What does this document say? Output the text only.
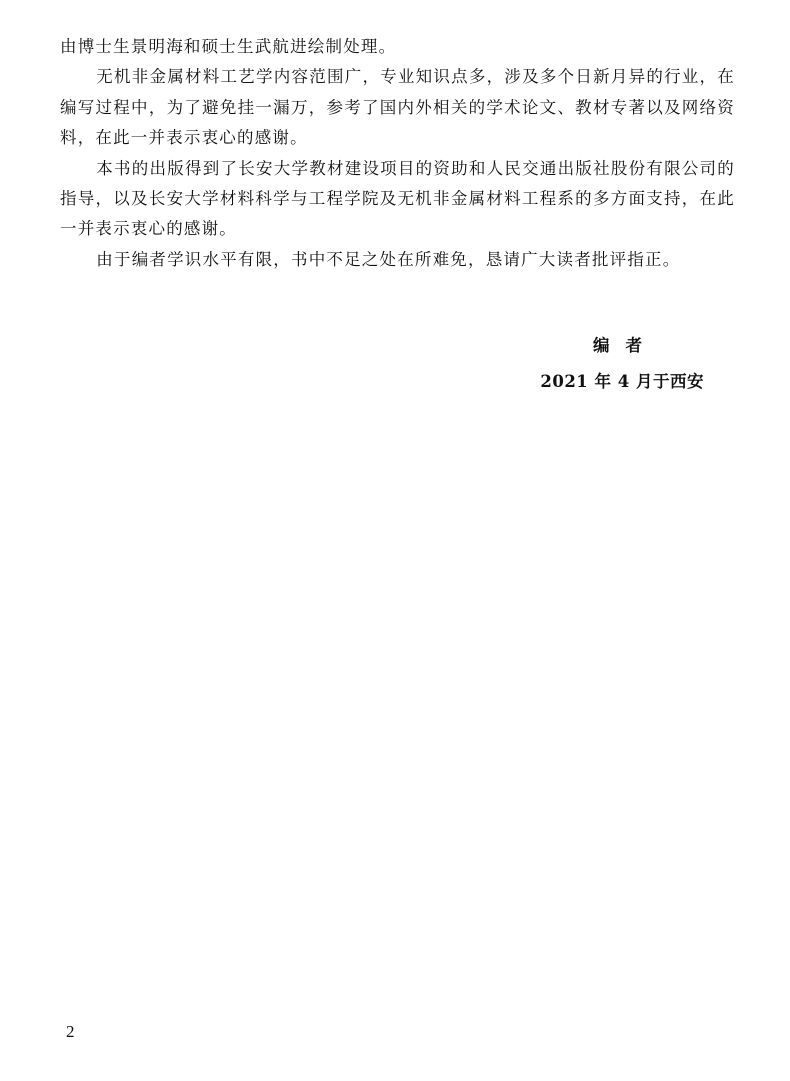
由博士生景明海和硕士生武航进绘制处理。

无机非金属材料工艺学内容范围广，专业知识点多，涉及多个日新月异的行业，在编写过程中，为了避免挂一漏万，参考了国内外相关的学术论文、教材专著以及网络资料，在此一并表示衷心的感谢。

本书的出版得到了长安大学教材建设项目的资助和人民交通出版社股份有限公司的指导，以及长安大学材料科学与工程学院及无机非金属材料工程系的多方面支持，在此一并表示衷心的感谢。

由于编者学识水平有限，书中不足之处在所难免，恳请广大读者批评指正。

编者
2021 年 4 月于西安
2
